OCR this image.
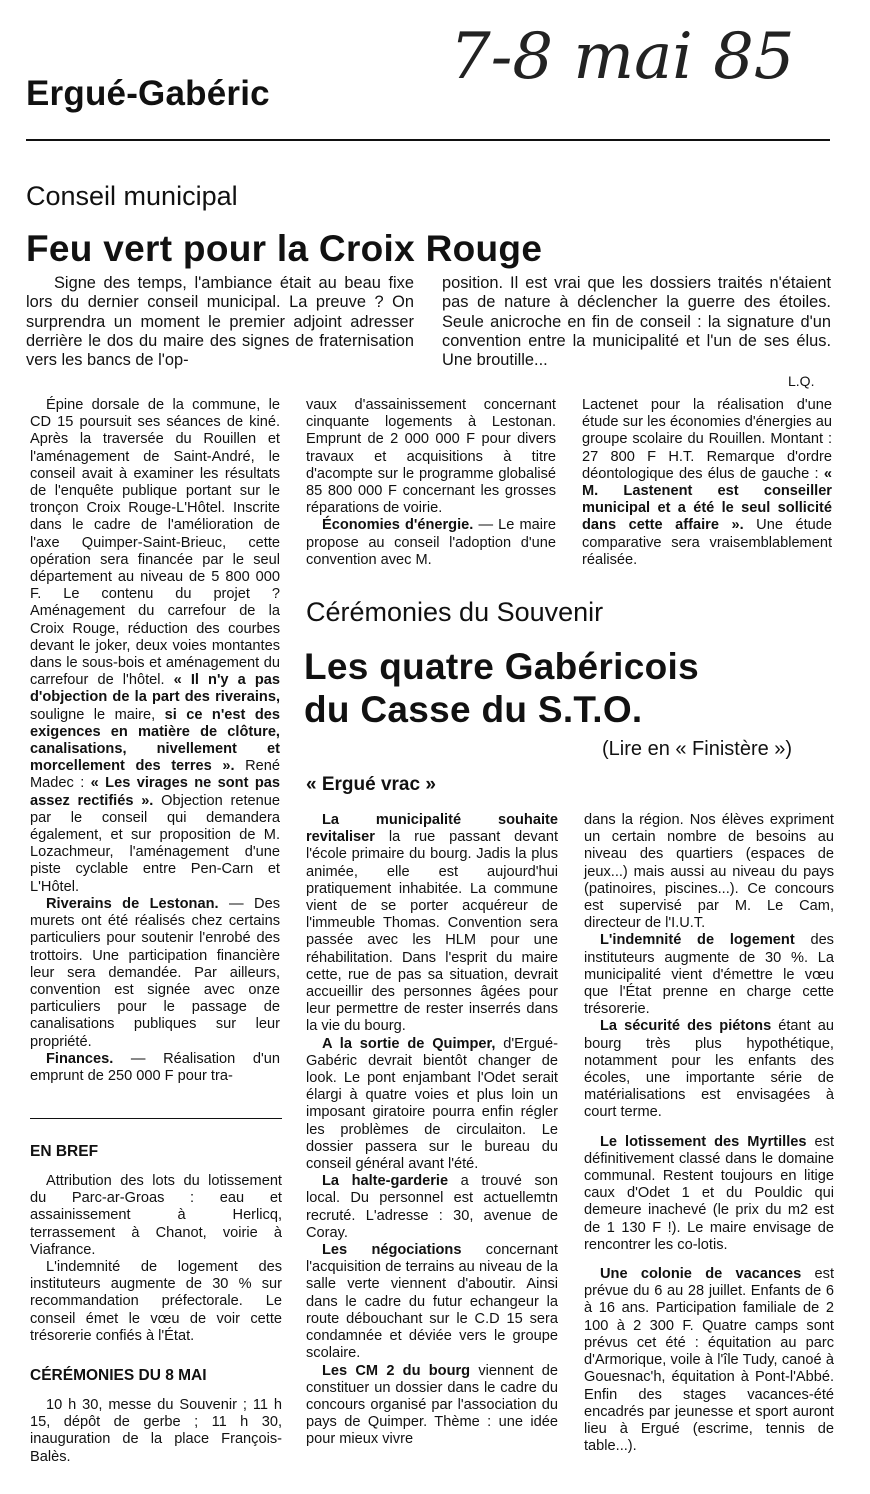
7-8 mai 85
Ergué-Gabéric
Conseil municipal
Feu vert pour la Croix Rouge

Signe des temps, l'ambiance était au beau fixe lors du dernier conseil municipal. La preuve ? On surprendra un moment le premier adjoint adresser derrière le dos du maire des signes de fraternisation vers les bancs de l'op-

position. Il est vrai que les dossiers traités n'étaient pas de nature à déclencher la guerre des étoiles. Seule anicroche en fin de conseil : la signature d'un convention entre la municipalité et l'un de ses élus. Une broutille...

L.Q.

Épine dorsale de la commune, le CD 15 poursuit ses séances de kiné. Après la traversée du Rouillen et l'aménagement de Saint-André, le conseil avait à examiner les résultats de l'enquête publique portant sur le tronçon Croix Rouge-L'Hôtel. Inscrite dans le cadre de l'amélioration de l'axe Quimper-Saint-Brieuc, cette opération sera financée par le seul département au niveau de 5 800 000 F. Le contenu du projet ? Aménagement du carrefour de la Croix Rouge, réduction des courbes devant le joker, deux voies montantes dans le sous-bois et aménagement du carrefour de l'hôtel. « Il n'y a pas d'objection de la part des riverains, souligne le maire, si ce n'est des exigences en matière de clôture, canalisations, nivellement et morcellement des terres ». René Madec : « Les virages ne sont pas assez rectifiés ». Objection retenue par le conseil qui demandera également, et sur proposition de M. Lozachmeur, l'aménagement d'une piste cyclable entre Pen-Carn et L'Hôtel.

Riverains de Lestonan. — Des murets ont été réalisés chez certains particuliers pour soutenir l'enrobé des trottoirs. Une participation financière leur sera demandée. Par ailleurs, convention est signée avec onze particuliers pour le passage de canalisations publiques sur leur propriété.

Finances. — Réalisation d'un emprunt de 250 000 F pour tra-

vaux d'assainissement concernant cinquante logements à Lestonan. Emprunt de 2 000 000 F pour divers travaux et acquisitions à titre d'acompte sur le programme globalisé 85 800 000 F concernant les grosses réparations de voirie.

Économies d'énergie. — Le maire propose au conseil l'adoption d'une convention avec M.

Lactenet pour la réalisation d'une étude sur les économies d'énergies au groupe scolaire du Rouillen. Montant : 27 800 F H.T. Remarque d'ordre déontologique des élus de gauche : « M. Lastenent est conseiller municipal et a été le seul sollicité dans cette affaire ». Une étude comparative sera vraisemblablement réalisée.

EN BREF

Attribution des lots du lotissement du Parc-ar-Groas : eau et assainissement à Herlicq, terrassement à Chanot, voirie à Viafrance.

L'indemnité de logement des instituteurs augmente de 30 % sur recommandation préfectorale. Le conseil émet le vœu de voir cette trésorerie confiés à l'État.

CÉRÉMONIES DU 8 MAI

10 h 30, messe du Souvenir ; 11 h 15, dépôt de gerbe ; 11 h 30, inauguration de la place François-Balès.

Cérémonies du Souvenir
Les quatre Gabéricois
du Casse du S.T.O.
(Lire en « Finistère »)
« Ergué vrac »

La municipalité souhaite revitaliser la rue passant devant l'école primaire du bourg. Jadis la plus animée, elle est aujourd'hui pratiquement inhabitée. La commune vient de se porter acquéreur de l'immeuble Thomas. Convention sera passée avec les HLM pour une réhabilitation. Dans l'esprit du maire cette, rue de pas sa situation, devrait accueillir des personnes âgées pour leur permettre de rester inserrés dans la vie du bourg.

A la sortie de Quimper, d'Ergué-Gabéric devrait bientôt changer de look. Le pont enjambant l'Odet serait élargi à quatre voies et plus loin un imposant giratoire pourra enfin régler les problèmes de circulaiton. Le dossier passera sur le bureau du conseil général avant l'été.

La halte-garderie a trouvé son local. Du personnel est actuellemtn recruté. L'adresse : 30, avenue de Coray.

Les négociations concernant l'acquisition de terrains au niveau de la salle verte viennent d'aboutir. Ainsi dans le cadre du futur echangeur la route débouchant sur le C.D 15 sera condamnée et déviée vers le groupe scolaire.

Les CM 2 du bourg viennent de constituer un dossier dans le cadre du concours organisé par l'association du pays de Quimper. Thème : une idée pour mieux vivre

dans la région. Nos élèves expriment un certain nombre de besoins au niveau des quartiers (espaces de jeux...) mais aussi au niveau du pays (patinoires, piscines...). Ce concours est supervisé par M. Le Cam, directeur de l'I.U.T.

L'indemnité de logement des instituteurs augmente de 30 %. La municipalité vient d'émettre le vœu que l'État prenne en charge cette trésorerie.

La sécurité des piétons étant au bourg très plus hypothétique, notamment pour les enfants des écoles, une importante série de matérialisations est envisagées à court terme.

Le lotissement des Myrtilles est définitivement classé dans le domaine communal. Restent toujours en litige caux d'Odet 1 et du Pouldic qui demeure inachevé (le prix du m2 est de 1 130 F !). Le maire envisage de rencontrer les co-lotis.

Une colonie de vacances est prévue du 6 au 28 juillet. Enfants de 6 à 16 ans. Participation familiale de 2 100 à 2 300 F. Quatre camps sont prévus cet été : équitation au parc d'Armorique, voile à l'île Tudy, canoé à Gouesnac'h, équitation à Pont-l'Abbé. Enfin des stages vacances-été encadrés par jeunesse et sport auront lieu à Ergué (escrime, tennis de table...).
